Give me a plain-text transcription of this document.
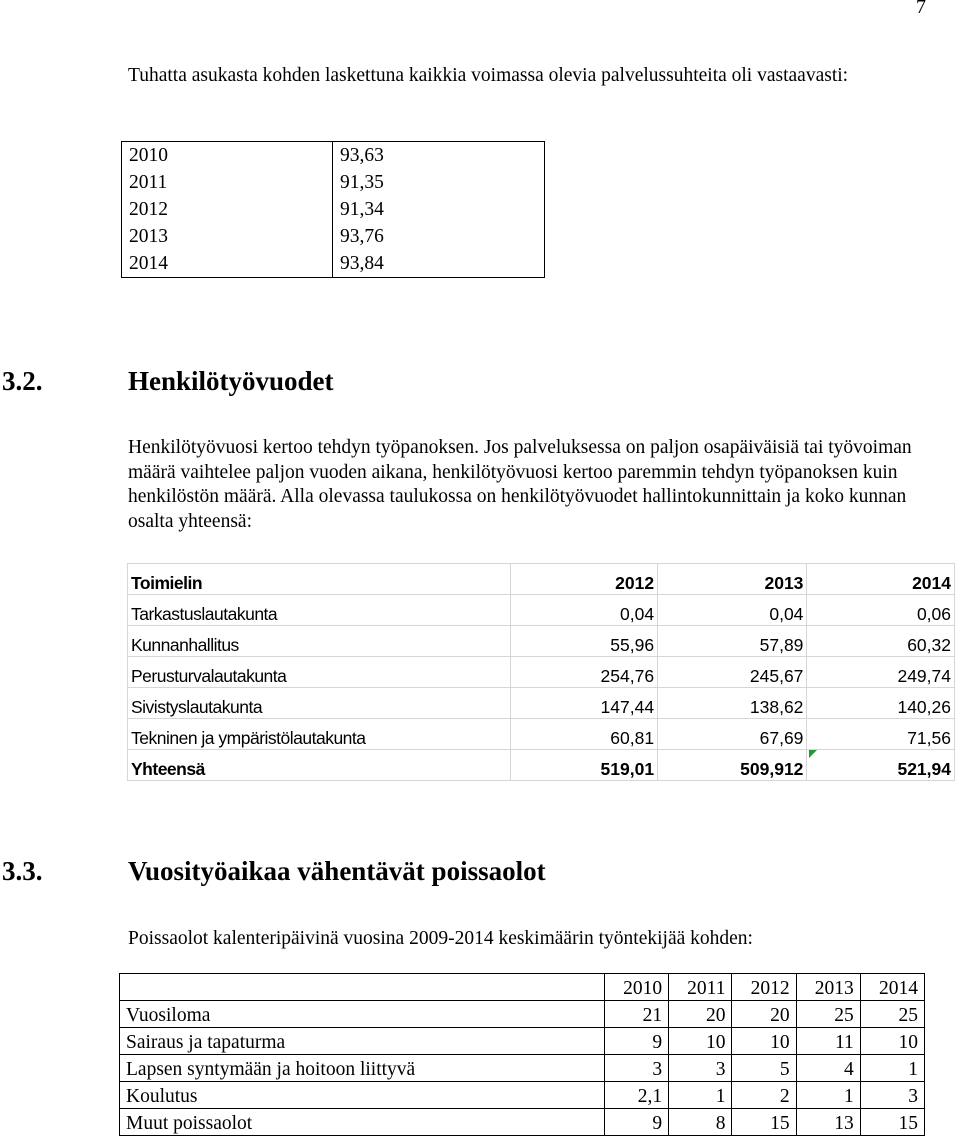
7

Tuhatta asukasta kohden laskettuna kaikkia voimassa olevia palvelussuhteita oli vastaavasti:

2010	93,63
2011	91,35
2012	91,34
2013	93,76
2014	93,84
3.2.	Henkilötyövuodet

Henkilötyövuosi kertoo tehdyn työpanoksen. Jos palveluksessa on paljon osapäiväisiä tai työvoiman määrä vaihtelee paljon vuoden aikana, henkilötyövuosi kertoo paremmin tehdyn työpanoksen kuin henkilöstön määrä. Alla olevassa taulukossa on henkilötyövuodet hallintokunnittain ja koko kunnan osalta yhteensä:

Toimielin	2012	2013	2014
Tarkastuslautakunta	0,04	0,04	0,06
Kunnanhallitus	55,96	57,89	60,32
Perusturvalautakunta	254,76	245,67	249,74
Sivistyslautakunta	147,44	138,62	140,26
Tekninen ja ympäristölautakunta	60,81	67,69	71,56
Yhteensä	519,01	509,912	521,94
3.3.	Vuosityöaikaa vähentävät poissaolot

Poissaolot kalenteripäivinä vuosina 2009-2014 keskimäärin työntekijää kohden:

	2010	2011	2012	2013	2014
Vuosiloma	21	20	20	25	25
Sairaus ja tapaturma	9	10	10	11	10
Lapsen syntymään ja hoitoon liittyvä	3	3	5	4	1
Koulutus	2,1	1	2	1	3
Muut poissaolot	9	8	15	13	15
